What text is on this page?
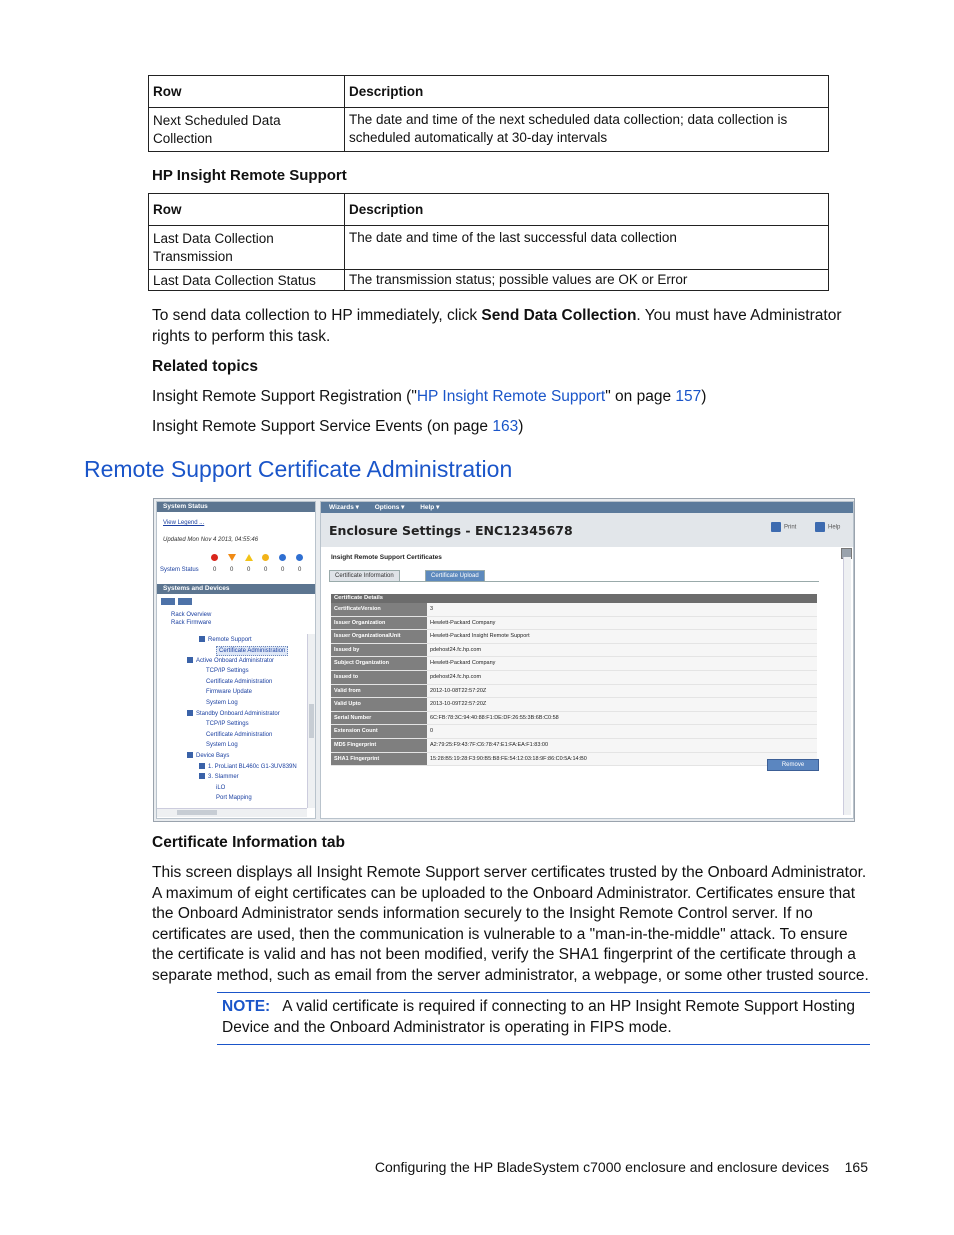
Row	Description
Next Scheduled Data Collection	The date and time of the next scheduled data collection; data collection is scheduled automatically at 30-day intervals
HP Insight Remote Support
Row	Description
Last Data Collection Transmission	The date and time of the last successful data collection
Last Data Collection Status	The transmission status; possible values are OK or Error
To send data collection to HP immediately, click Send Data Collection. You must have Administrator rights to perform this task.
Related topics
Insight Remote Support Registration ("HP Insight Remote Support" on page 157)
Insight Remote Support Service Events (on page 163)
Remote Support Certificate Administration
System Status
View Legend ...
Updated Mon Nov 4 2013, 04:55:46
System Status 0 0 0 0 0 0
Systems and Devices
Rack Overview
Rack Firmware
Remote Support
Certificate Administration
Active Onboard Administrator
TCP/IP Settings
Certificate Administration
Firmware Update
System Log
Standby Onboard Administrator
TCP/IP Settings
Certificate Administration
System Log
Device Bays
1. ProLiant BL460c G1-3UV839N
3. Slammer
iLO
Port Mapping
Wizards ▾ Options ▾ Help ▾
Enclosure Settings - ENC12345678	Print	Help
Insight Remote Support Certificates
Certificate Information	Certificate Upload
Certificate Details
CertificateVersion	3
Issuer Organization	Hewlett-Packard Company
Issuer OrganizationalUnit	Hewlett-Packard Insight Remote Support
Issued by	pdehost24.fc.hp.com
Subject Organization	Hewlett-Packard Company
Issued to	pdehost24.fc.hp.com
Valid from	2012-10-08T22:57:20Z
Valid Upto	2013-10-09T22:57:20Z
Serial Number	6C:FB:78:3C:94:40:88:F1:DE:DF:26:55:3B:6B:C0:58
Extension Count	0
MD5 Fingerprint	A2:79:25:F9:43:7F:C6:78:47:E1:FA:EA:F1:83:00
SHA1 Fingerprint	15:28:B5:19:28:F3:90:B5:B8:FE:54:12:03:18:9F:86:C0:5A:14:B0
Remove
Certificate Information tab
This screen displays all Insight Remote Support server certificates trusted by the Onboard Administrator. A maximum of eight certificates can be uploaded to the Onboard Administrator. Certificates ensure that the Onboard Administrator sends information securely to the Insight Remote Control server. If no certificates are used, then the communication is vulnerable to a "man-in-the-middle" attack. To ensure the certificate is valid and has not been modified, verify the SHA1 fingerprint of the certificate through a separate method, such as email from the server administrator, a webpage, or some other trusted source.
NOTE: A valid certificate is required if connecting to an HP Insight Remote Support Hosting Device and the Onboard Administrator is operating in FIPS mode.
Configuring the HP BladeSystem c7000 enclosure and enclosure devices 165
